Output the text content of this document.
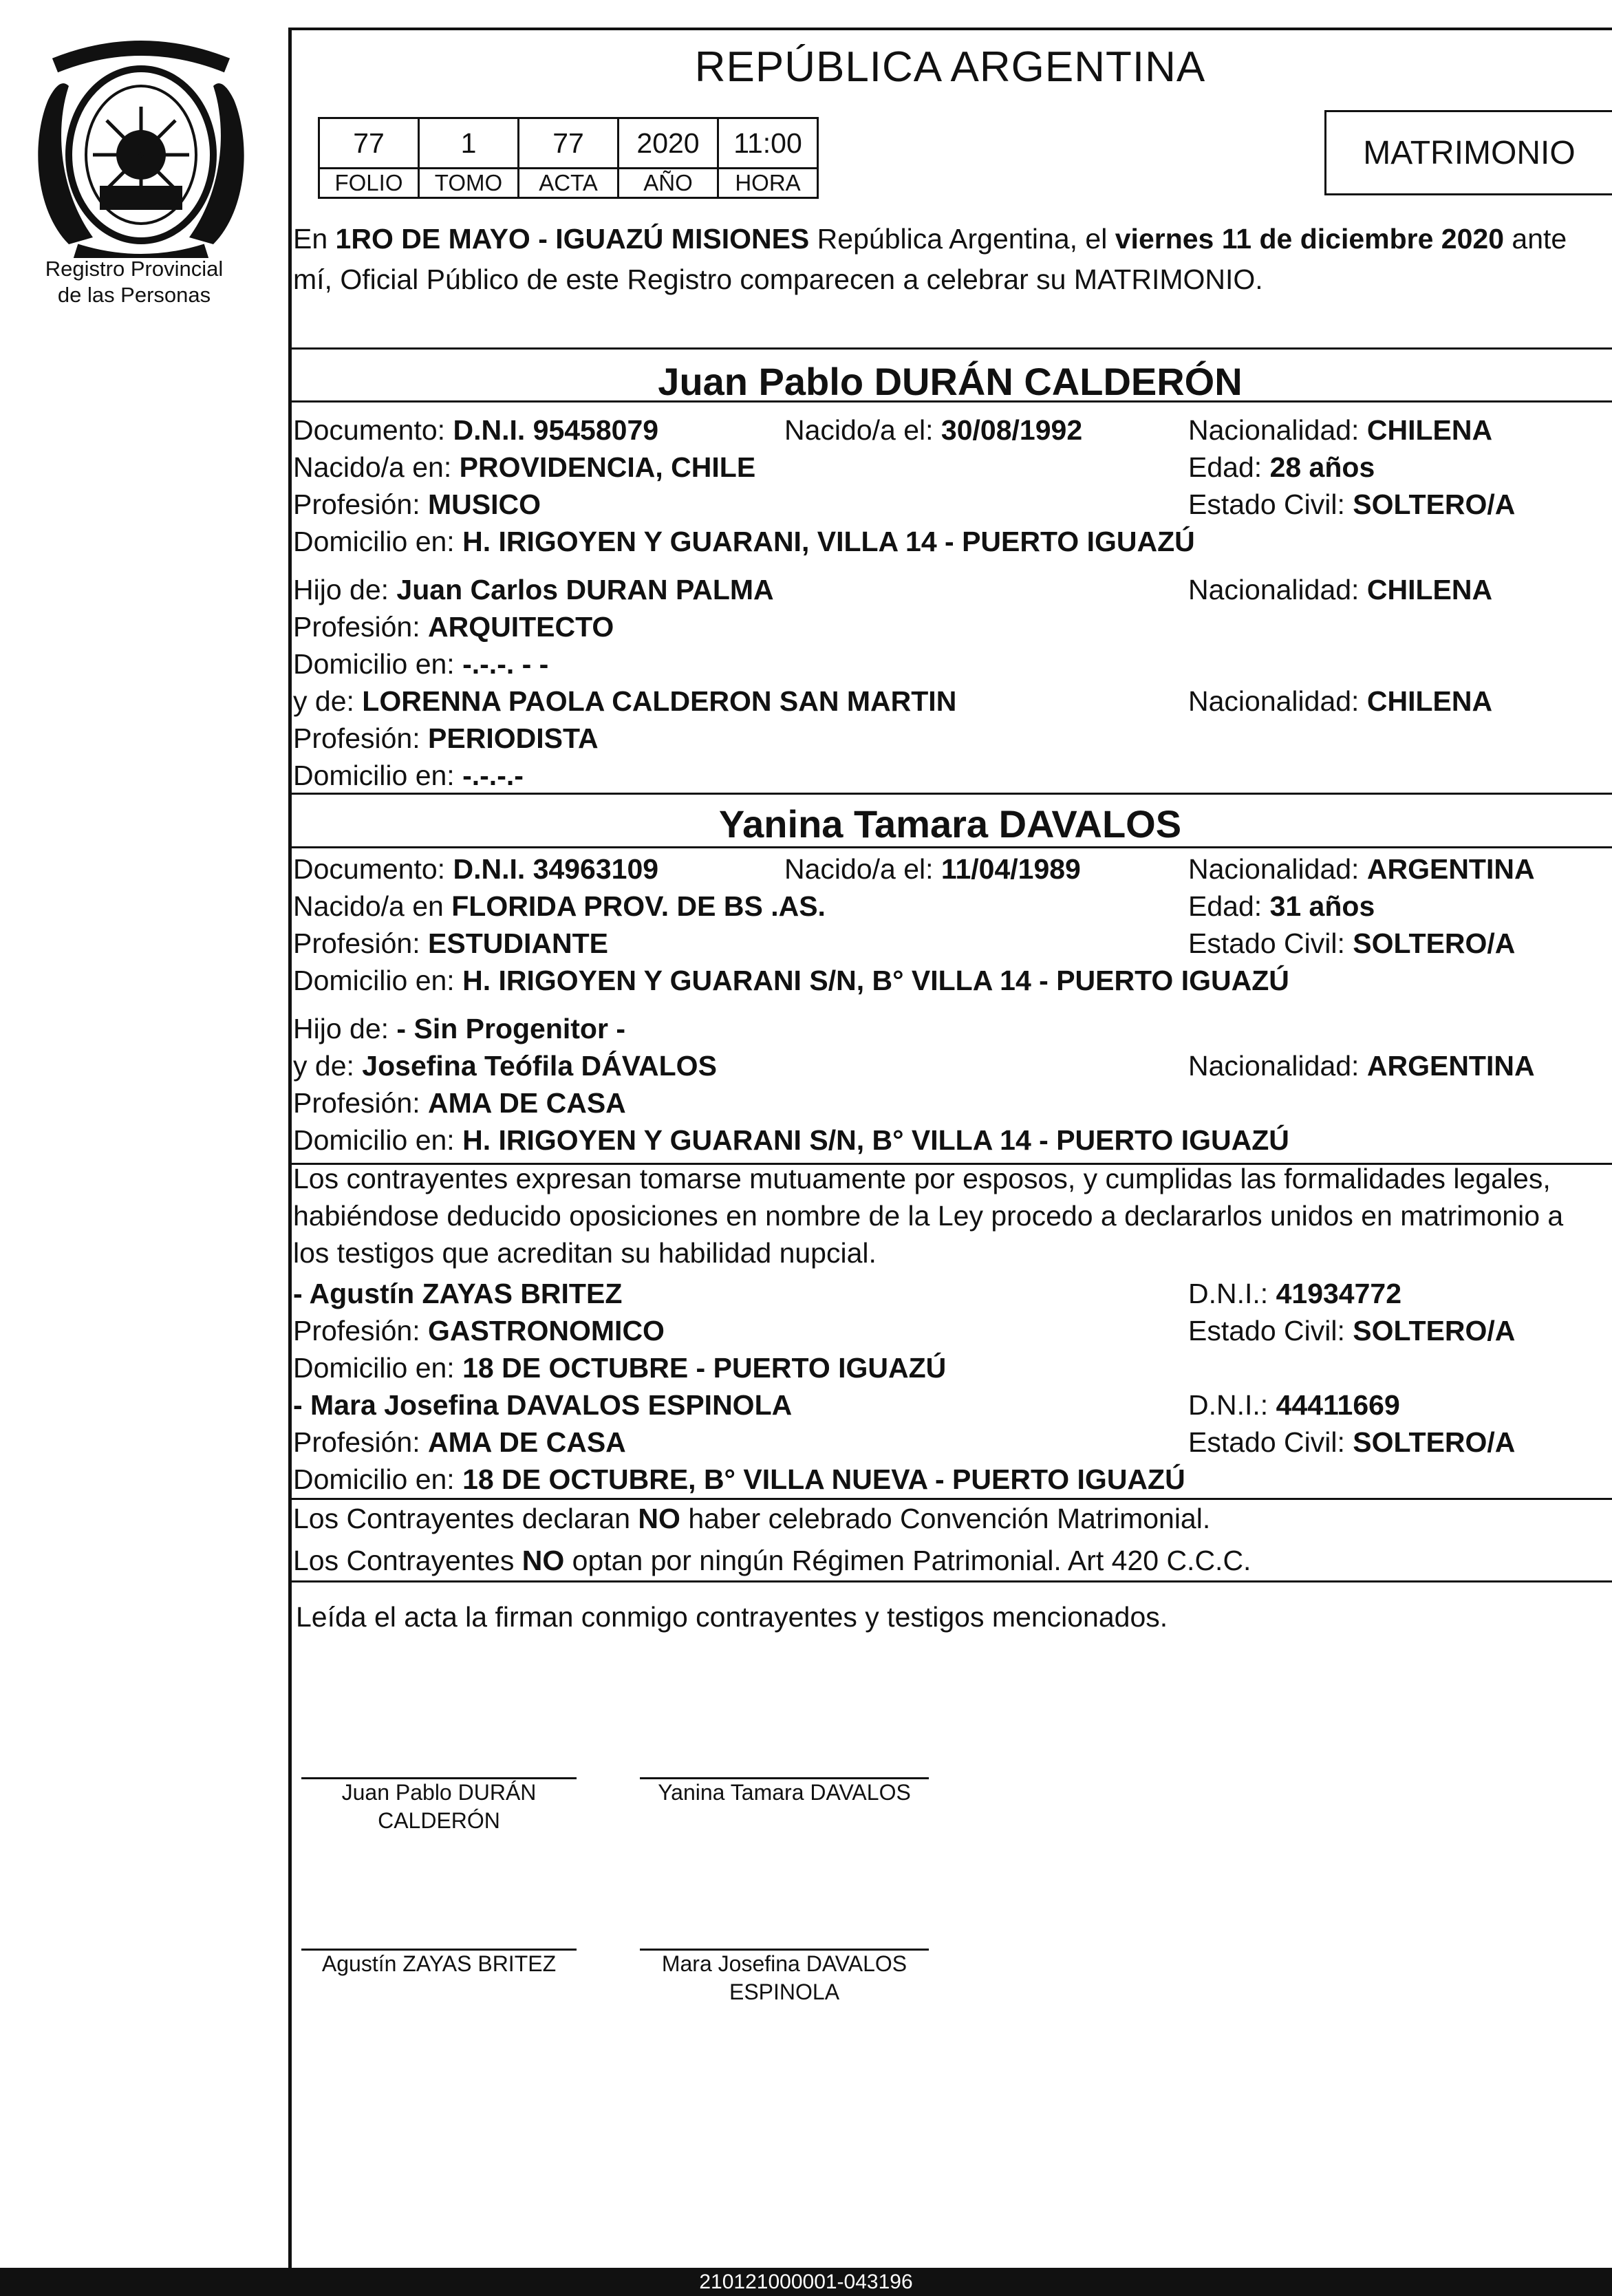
Registro Provincial
de las Personas
REPÚBLICA ARGENTINA
77	1	77	2020	11:00
FOLIO	TOMO	ACTA	AÑO	HORA
MATRIMONIO
En 1RO DE MAYO - IGUAZÚ MISIONES República Argentina, el viernes 11 de diciembre 2020 ante mí, Oficial Público de este Registro comparecen a celebrar su MATRIMONIO.
Juan Pablo DURÁN CALDERÓN
Documento: D.N.I. 95458079	Nacido/a el: 30/08/1992	Nacionalidad: CHILENA
Nacido/a en: PROVIDENCIA, CHILE	Edad: 28 años
Profesión: MUSICO	Estado Civil: SOLTERO/A
Domicilio en: H. IRIGOYEN Y GUARANI, VILLA 14 - PUERTO IGUAZÚ
Hijo de: Juan Carlos DURAN PALMA	Nacionalidad: CHILENA
Profesión: ARQUITECTO
Domicilio en: -.-.-. - -
y de: LORENNA PAOLA CALDERON SAN MARTIN	Nacionalidad: CHILENA
Profesión: PERIODISTA
Domicilio en: -.-.-.-
Yanina Tamara DAVALOS
Documento: D.N.I. 34963109	Nacido/a el: 11/04/1989	Nacionalidad: ARGENTINA
Nacido/a en FLORIDA PROV. DE BS .AS.	Edad: 31 años
Profesión: ESTUDIANTE	Estado Civil: SOLTERO/A
Domicilio en: H. IRIGOYEN Y GUARANI S/N, B° VILLA 14 - PUERTO IGUAZÚ
Hijo de: - Sin Progenitor -
y de: Josefina Teófila DÁVALOS	Nacionalidad: ARGENTINA
Profesión: AMA DE CASA
Domicilio en: H. IRIGOYEN Y GUARANI S/N, B° VILLA 14 - PUERTO IGUAZÚ
Los contrayentes expresan tomarse mutuamente por esposos, y cumplidas las formalidades legales,
habiéndose deducido oposiciones en nombre de la Ley procedo a declararlos unidos en matrimonio a
los testigos que acreditan su habilidad nupcial.
- Agustín ZAYAS BRITEZ	D.N.I.: 41934772
Profesión: GASTRONOMICO	Estado Civil: SOLTERO/A
Domicilio en: 18 DE OCTUBRE - PUERTO IGUAZÚ
- Mara Josefina DAVALOS ESPINOLA	D.N.I.: 44411669
Profesión: AMA DE CASA	Estado Civil: SOLTERO/A
Domicilio en: 18 DE OCTUBRE, B° VILLA NUEVA - PUERTO IGUAZÚ
Los Contrayentes declaran NO haber celebrado Convención Matrimonial.
Los Contrayentes NO optan por ningún Régimen Patrimonial. Art 420 C.C.C.
Leída el acta la firman conmigo contrayentes y testigos mencionados.
Juan Pablo DURÁN
CALDERÓN
Yanina Tamara DAVALOS
Agustín ZAYAS BRITEZ	Mara Josefina DAVALOS
ESPINOLA
210121000001-043196
